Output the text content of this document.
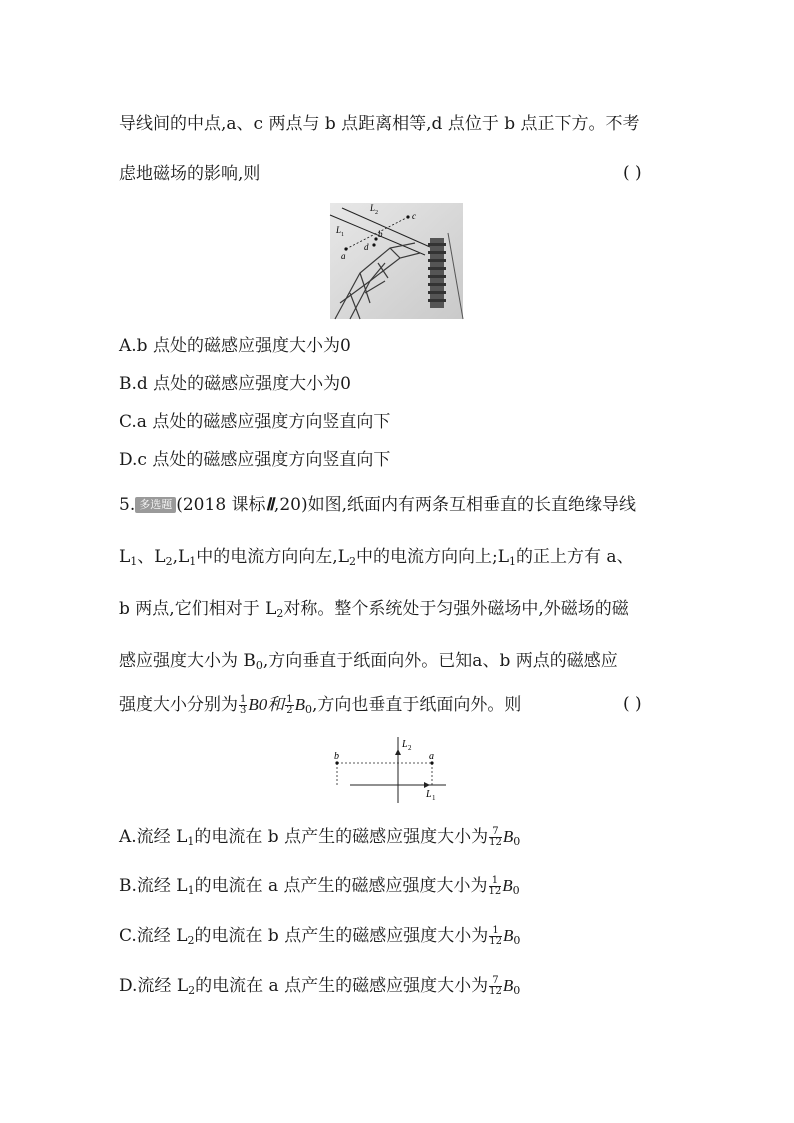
导线间的中点,a、c 两点与 b 点距离相等,d 点位于 b 点正下方。不考
虑地磁场的影响,则	( )
a
b
c
d
L 1
L 2
A.b 点处的磁感应强度大小为0
B.d 点处的磁感应强度大小为0
C.a 点处的磁感应强度方向竖直向下
D.c 点处的磁感应强度方向竖直向下
5. 多选题 (2018 课标Ⅱ,20)如图,纸面内有两条互相垂直的长直绝缘导线
$L_1$、$L_2,L_1$中的电流方向向左$,L_2$中的电流方向向上$;L_1$的正上方有 a、
b 两点,它们相对于 $L_2$对称。整个系统处于匀强外磁场中,外磁场的磁
感应强度大小为 $B_0$,方向垂直于纸面向外。已知a、b 两点的磁感应
强度大小分别为 $\frac{1}{3} B0$和 $\frac{1}{2} B_0$,方向也垂直于纸面向外。则	( )
b	a
L 2
L 1
A.流经 $L_1$的电流在 b 点产生的磁感应强度大小为 $\frac{7}{12} B_0$
B.流经 $L_1$的电流在 a 点产生的磁感应强度大小为 $\frac{1}{12} B_0$
C.流经 $L_2$的电流在 b 点产生的磁感应强度大小为 $\frac{1}{12} B_0$
D.流经 $L_2$的电流在 a 点产生的磁感应强度大小为 $\frac{7}{12} B_0$
